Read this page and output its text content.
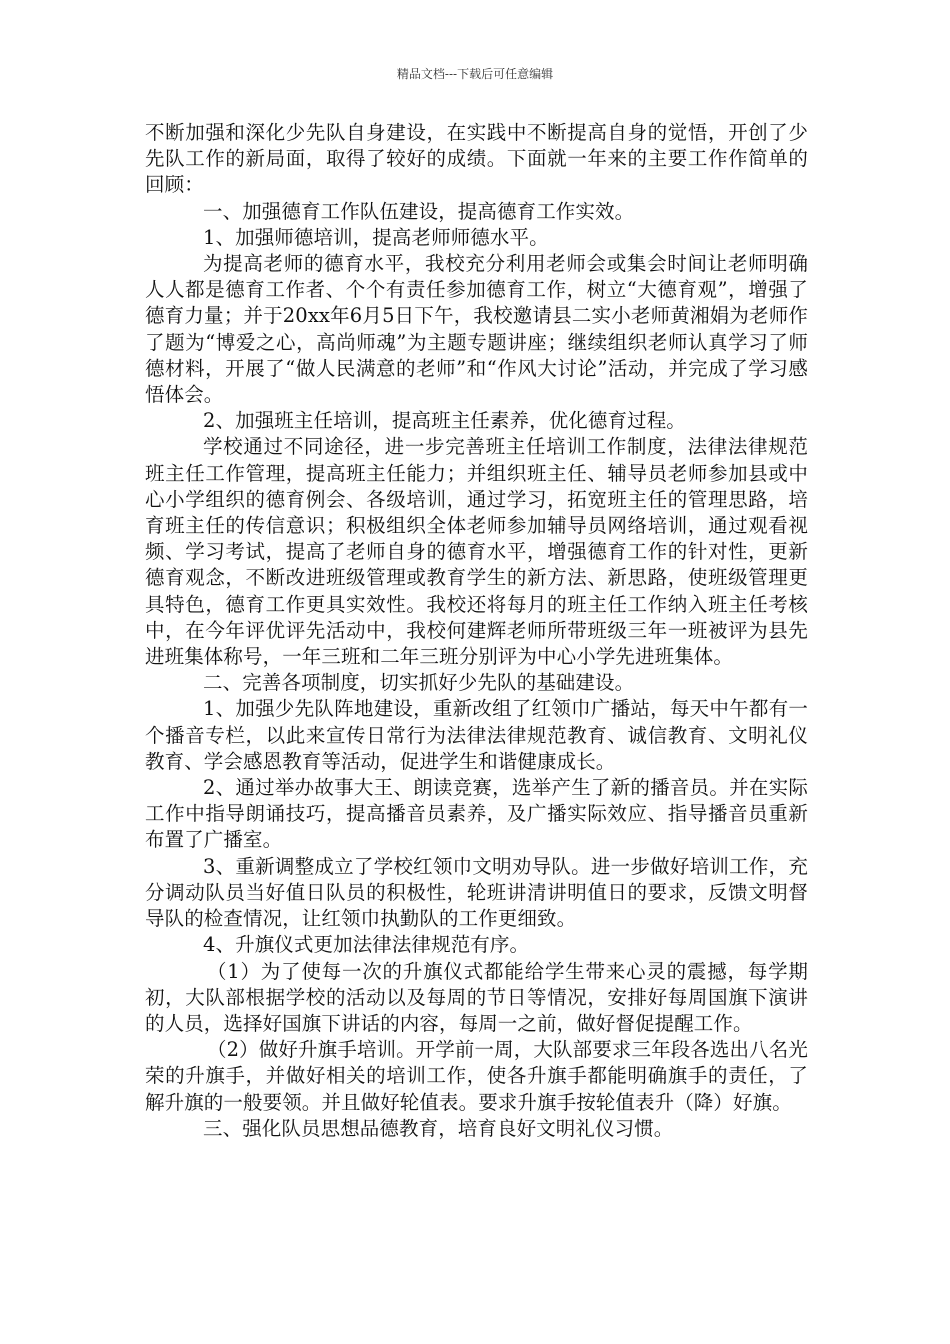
精品文档---下载后可任意编辑

不断加强和深化少先队自身建设，在实践中不断提高自身的觉悟，开创了少先队工作的新局面，取得了较好的成绩。下面就一年来的主要工作作简单的回顾：

一、加强德育工作队伍建设，提高德育工作实效。

1、加强师德培训，提高老师师德水平。

为提高老师的德育水平，我校充分利用老师会或集会时间让老师明确人人都是德育工作者、个个有责任参加德育工作，树立“大德育观”，增强了德育力量；并于20xx年6月5日下午，我校邀请县二实小老师黄湘娟为老师作了题为“博爱之心，高尚师魂”为主题专题讲座；继续组织老师认真学习了师德材料，开展了“做人民满意的老师”和“作风大讨论”活动，并完成了学习感悟体会。

2、加强班主任培训，提高班主任素养，优化德育过程。

学校通过不同途径，进一步完善班主任培训工作制度，法律法律规范班主任工作管理，提高班主任能力；并组织班主任、辅导员老师参加县或中心小学组织的德育例会、各级培训，通过学习，拓宽班主任的管理思路，培育班主任的传信意识；积极组织全体老师参加辅导员网络培训，通过观看视频、学习考试，提高了老师自身的德育水平，增强德育工作的针对性，更新德育观念，不断改进班级管理或教育学生的新方法、新思路，使班级管理更具特色，德育工作更具实效性。我校还将每月的班主任工作纳入班主任考核中，在今年评优评先活动中，我校何建辉老师所带班级三年一班被评为县先进班集体称号，一年三班和二年三班分别评为中心小学先进班集体。

二、完善各项制度，切实抓好少先队的基础建设。

1、加强少先队阵地建设，重新改组了红领巾广播站，每天中午都有一个播音专栏，以此来宣传日常行为法律法律规范教育、诚信教育、文明礼仪教育、学会感恩教育等活动，促进学生和谐健康成长。

2、通过举办故事大王、朗读竞赛，选举产生了新的播音员。并在实际工作中指导朗诵技巧，提高播音员素养，及广播实际效应、指导播音员重新布置了广播室。

3、重新调整成立了学校红领巾文明劝导队。进一步做好培训工作，充分调动队员当好值日队员的积极性，轮班讲清讲明值日的要求，反馈文明督导队的检查情况，让红领巾执勤队的工作更细致。

4、升旗仪式更加法律法律规范有序。

（1）为了使每一次的升旗仪式都能给学生带来心灵的震撼，每学期初，大队部根据学校的活动以及每周的节日等情况，安排好每周国旗下演讲的人员，选择好国旗下讲话的内容，每周一之前，做好督促提醒工作。

（2）做好升旗手培训。开学前一周，大队部要求三年段各选出八名光荣的升旗手，并做好相关的培训工作，使各升旗手都能明确旗手的责任，了解升旗的一般要领。并且做好轮值表。要求升旗手按轮值表升（降）好旗。

三、强化队员思想品德教育，培育良好文明礼仪习惯。
